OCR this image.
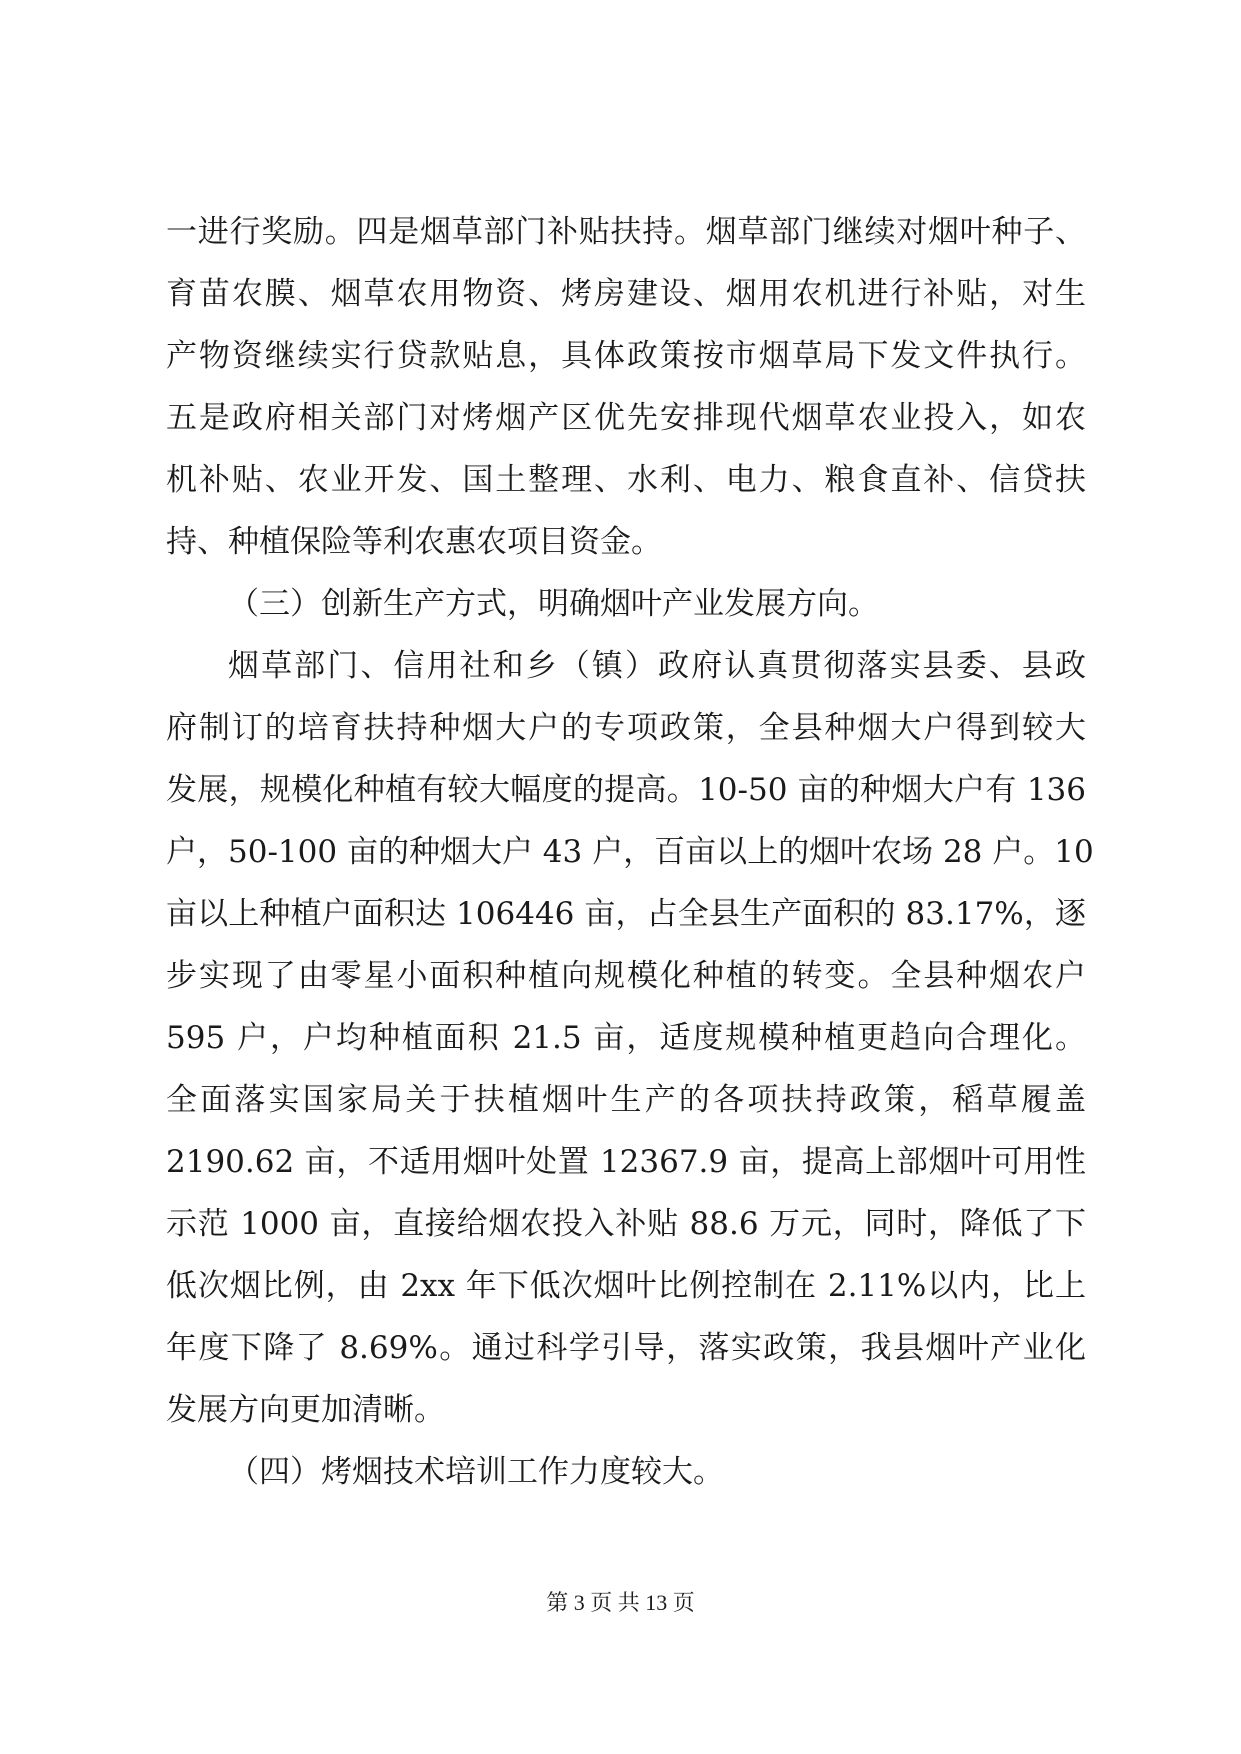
一进行奖励。四是烟草部门补贴扶持。烟草部门继续对烟叶种子、
育苗农膜、烟草农用物资、烤房建设、烟用农机进行补贴，对生
产物资继续实行贷款贴息，具体政策按市烟草局下发文件执行。
五是政府相关部门对烤烟产区优先安排现代烟草农业投入，如农
机补贴、农业开发、国土整理、水利、电力、粮食直补、信贷扶
持、种植保险等利农惠农项目资金。
（三）创新生产方式，明确烟叶产业发展方向。
烟草部门、信用社和乡（镇）政府认真贯彻落实县委、县政
府制订的培育扶持种烟大户的专项政策，全县种烟大户得到较大
发展，规模化种植有较大幅度的提高。10-50 亩的种烟大户有 136
户，50-100 亩的种烟大户 43 户，百亩以上的烟叶农场 28 户。10
亩以上种植户面积达 106446 亩，占全县生产面积的 83.17%，逐
步实现了由零星小面积种植向规模化种植的转变。全县种烟农户
595 户，户均种植面积 21.5 亩，适度规模种植更趋向合理化。
全面落实国家局关于扶植烟叶生产的各项扶持政策，稻草履盖
2190.62 亩，不适用烟叶处置 12367.9 亩，提高上部烟叶可用性
示范 1000 亩，直接给烟农投入补贴 88.6 万元，同时，降低了下
低次烟比例，由 2xx 年下低次烟叶比例控制在 2.11%以内，比上
年度下降了 8.69%。通过科学引导，落实政策，我县烟叶产业化
发展方向更加清晰。
（四）烤烟技术培训工作力度较大。
第 3 页 共 13 页
